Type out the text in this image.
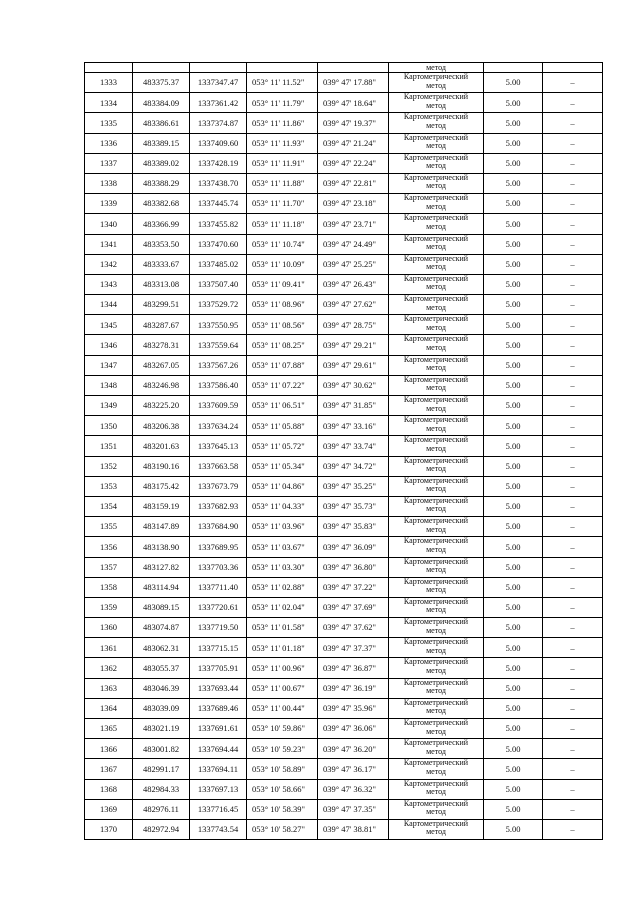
					метод		

1333	483375.37	1337347.47	053° 11' 11.52"	039° 47' 17.88"	Картометрический
метод	5.00	–
1334	483384.09	1337361.42	053° 11' 11.79"	039° 47' 18.64"	Картометрический
метод	5.00	–
1335	483386.61	1337374.87	053° 11' 11.86"	039° 47' 19.37"	Картометрический
метод	5.00	–
1336	483389.15	1337409.60	053° 11' 11.93"	039° 47' 21.24"	Картометрический
метод	5.00	–
1337	483389.02	1337428.19	053° 11' 11.91"	039° 47' 22.24"	Картометрический
метод	5.00	–
1338	483388.29	1337438.70	053° 11' 11.88"	039° 47' 22.81"	Картометрический
метод	5.00	–
1339	483382.68	1337445.74	053° 11' 11.70"	039° 47' 23.18"	Картометрический
метод	5.00	–
1340	483366.99	1337455.82	053° 11' 11.18"	039° 47' 23.71"	Картометрический
метод	5.00	–
1341	483353.50	1337470.60	053° 11' 10.74"	039° 47' 24.49"	Картометрический
метод	5.00	–
1342	483333.67	1337485.02	053° 11' 10.09"	039° 47' 25.25"	Картометрический
метод	5.00	–
1343	483313.08	1337507.40	053° 11' 09.41"	039° 47' 26.43"	Картометрический
метод	5.00	–
1344	483299.51	1337529.72	053° 11' 08.96"	039° 47' 27.62"	Картометрический
метод	5.00	–
1345	483287.67	1337550.95	053° 11' 08.56"	039° 47' 28.75"	Картометрический
метод	5.00	–
1346	483278.31	1337559.64	053° 11' 08.25"	039° 47' 29.21"	Картометрический
метод	5.00	–
1347	483267.05	1337567.26	053° 11' 07.88"	039° 47' 29.61"	Картометрический
метод	5.00	–
1348	483246.98	1337586.40	053° 11' 07.22"	039° 47' 30.62"	Картометрический
метод	5.00	–
1349	483225.20	1337609.59	053° 11' 06.51"	039° 47' 31.85"	Картометрический
метод	5.00	–
1350	483206.38	1337634.24	053° 11' 05.88"	039° 47' 33.16"	Картометрический
метод	5.00	–
1351	483201.63	1337645.13	053° 11' 05.72"	039° 47' 33.74"	Картометрический
метод	5.00	–
1352	483190.16	1337663.58	053° 11' 05.34"	039° 47' 34.72"	Картометрический
метод	5.00	–
1353	483175.42	1337673.79	053° 11' 04.86"	039° 47' 35.25"	Картометрический
метод	5.00	–
1354	483159.19	1337682.93	053° 11' 04.33"	039° 47' 35.73"	Картометрический
метод	5.00	–
1355	483147.89	1337684.90	053° 11' 03.96"	039° 47' 35.83"	Картометрический
метод	5.00	–
1356	483138.90	1337689.95	053° 11' 03.67"	039° 47' 36.09"	Картометрический
метод	5.00	–
1357	483127.82	1337703.36	053° 11' 03.30"	039° 47' 36.80"	Картометрический
метод	5.00	–
1358	483114.94	1337711.40	053° 11' 02.88"	039° 47' 37.22"	Картометрический
метод	5.00	–
1359	483089.15	1337720.61	053° 11' 02.04"	039° 47' 37.69"	Картометрический
метод	5.00	–
1360	483074.87	1337719.50	053° 11' 01.58"	039° 47' 37.62"	Картометрический
метод	5.00	–
1361	483062.31	1337715.15	053° 11' 01.18"	039° 47' 37.37"	Картометрический
метод	5.00	–
1362	483055.37	1337705.91	053° 11' 00.96"	039° 47' 36.87"	Картометрический
метод	5.00	–
1363	483046.39	1337693.44	053° 11' 00.67"	039° 47' 36.19"	Картометрический
метод	5.00	–
1364	483039.09	1337689.46	053° 11' 00.44"	039° 47' 35.96"	Картометрический
метод	5.00	–
1365	483021.19	1337691.61	053° 10' 59.86"	039° 47' 36.06"	Картометрический
метод	5.00	–
1366	483001.82	1337694.44	053° 10' 59.23"	039° 47' 36.20"	Картометрический
метод	5.00	–
1367	482991.17	1337694.11	053° 10' 58.89"	039° 47' 36.17"	Картометрический
метод	5.00	–
1368	482984.33	1337697.13	053° 10' 58.66"	039° 47' 36.32"	Картометрический
метод	5.00	–
1369	482976.11	1337716.45	053° 10' 58.39"	039° 47' 37.35"	Картометрический
метод	5.00	–
1370	482972.94	1337743.54	053° 10' 58.27"	039° 47' 38.81"	Картометрический
метод	5.00	–
